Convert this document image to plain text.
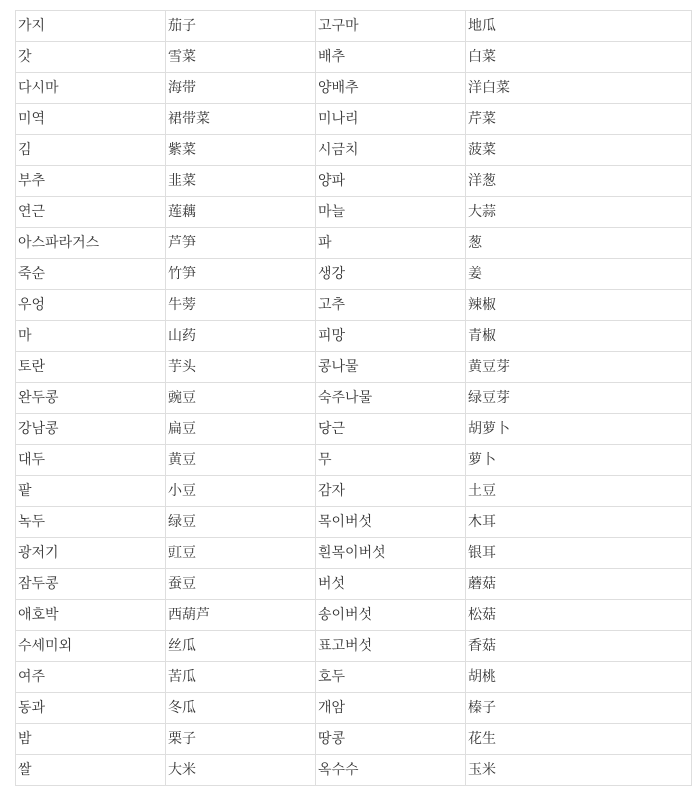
가지	茄子	고구마	地瓜
갓	雪菜	배추	白菜
다시마	海带	양배추	洋白菜
미역	裙带菜	미나리	芹菜
김	紫菜	시금치	菠菜
부추	韭菜	양파	洋葱
연근	莲藕	마늘	大蒜
아스파라거스	芦笋	파	葱
죽순	竹笋	생강	姜
우엉	牛蒡	고추	辣椒
마	山药	피망	青椒
토란	芋头	콩나물	黄豆芽
완두콩	豌豆	숙주나물	绿豆芽
강남콩	扁豆	당근	胡萝卜
대두	黄豆	무	萝卜
팥	小豆	감자	土豆
녹두	绿豆	목이버섯	木耳
광저기	豇豆	흰목이버섯	银耳
잠두콩	蚕豆	버섯	蘑菇
애호박	西葫芦	송이버섯	松菇
수세미외	丝瓜	표고버섯	香菇
여주	苦瓜	호두	胡桃
동과	冬瓜	개암	榛子
밤	栗子	땅콩	花生
쌀	大米	옥수수	玉米
